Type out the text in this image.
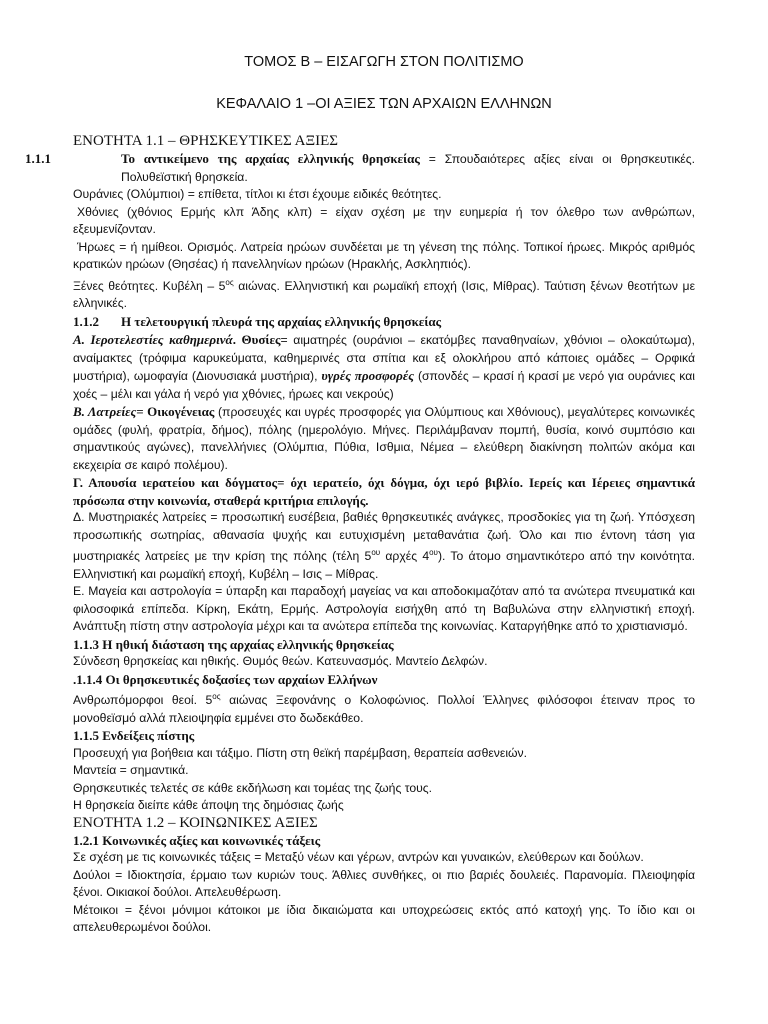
ΤΟΜΟΣ Β – ΕΙΣΑΓΩΓΗ ΣΤΟΝ ΠΟΛΙΤΙΣΜΟ

ΚΕΦΑΛΑΙΟ 1 –ΟΙ ΑΞΙΕΣ ΤΩΝ ΑΡΧΑΙΩΝ ΕΛΛΗΝΩΝ

ΕΝΟΤΗΤΑ 1.1 – ΘΡΗΣΚΕΥΤΙΚΕΣ ΑΞΙΕΣ

1.1.1	Το αντικείμενο της αρχαίας ελληνικής θρησκείας = Σπουδαιότερες αξίες είναι οι θρησκευτικές. Πολυθεϊστική θρησκεία.

Ουράνιες (Ολύμπιοι) = επίθετα, τίτλοι κι έτσι έχουμε ειδικές θεότητες.

Χθόνιες (χθόνιος Ερμής κλπ Άδης κλπ) = είχαν σχέση με την ευημερία ή τον όλεθρο των ανθρώπων, εξευμενίζονταν.

Ήρωες = ή ημίθεοι. Ορισμός. Λατρεία ηρώων συνδέεται με τη γένεση της πόλης. Τοπικοί ήρωες. Μικρός αριθμός κρατικών ηρώων (Θησέας) ή πανελληνίων ηρώων (Ηρακλής, Ασκληπιός).

Ξένες θεότητες. Κυβέλη – $5^{o\varsigma}$ αιώνας. Ελληνιστική και ρωμαϊκή εποχή (Ισις, Μίθρας). Ταύτιση ξένων θεοτήτων με ελληνικές.

1.1.2 Η τελετουργική πλευρά της αρχαίας ελληνικής θρησκείας

Α. Ιεροτελεστίες καθημερινά. Θυσίες= αιματηρές (ουράνιοι – εκατόμβες παναθηναίων, χθόνιοι – ολοκαύτωμα), αναίμακτες (τρόφιμα καρυκεύματα, καθημερινές στα σπίτια και εξ ολοκλήρου από κάποιες ομάδες – Ορφικά μυστήρια), ωμοφαγία (Διονυσιακά μυστήρια), υγρές προσφορές (σπονδές – κρασί ή κρασί με νερό για ουράνιες και χοές – μέλι και γάλα ή νερό για χθόνιες, ήρωες και νεκρούς)

Β. Λατρείες= Οικογένειας (προσευχές και υγρές προσφορές για Ολύμπιους και Χθόνιους), μεγαλύτερες κοινωνικές ομάδες (φυλή, φρατρία, δήμος), πόλης (ημερολόγιο. Μήνες. Περιλάμβαναν πομπή, θυσία, κοινό συμπόσιο και σημαντικούς αγώνες), πανελλήνιες (Ολύμπια, Πύθια, Ισθμια, Νέμεα – ελεύθερη διακίνηση πολιτών ακόμα και εκεχειρία σε καιρό πολέμου).

Γ. Απουσία ιερατείου και δόγματος= όχι ιερατείο, όχι δόγμα, όχι ιερό βιβλίο. Ιερείς και Ιέρειες σημαντικά πρόσωπα στην κοινωνία, σταθερά κριτήρια επιλογής.

Δ. Μυστηριακές λατρείες = προσωπική ευσέβεια, βαθιές θρησκευτικές ανάγκες, προσδοκίες για τη ζωή. Υπόσχεση προσωπικής σωτηρίας, αθανασία ψυχής και ευτυχισμένη μεταθανάτια ζωή. Όλο και πιο έντονη τάση για μυστηριακές λατρείες με την κρίση της πόλης (τέλη $5^{o\upsilon}$ αρχές $4^{o\upsilon}$). Το άτομο σημαντικότερο από την κοινότητα. Ελληνιστική και ρωμαϊκή εποχή, Κυβέλη – Ισις – Μίθρας.

Ε. Μαγεία και αστρολογία = ύπαρξη και παραδοχή μαγείας να και αποδοκιμαζόταν από τα ανώτερα πνευματικά και φιλοσοφικά επίπεδα. Κίρκη, Εκάτη, Ερμής. Αστρολογία εισήχθη από τη Βαβυλώνα στην ελληνιστική εποχή. Ανάπτυξη πίστη στην αστρολογία μέχρι και τα ανώτερα επίπεδα της κοινωνίας. Καταργήθηκε από το χριστιανισμό.

1.1.3 Η ηθική διάσταση της αρχαίας ελληνικής θρησκείας

Σύνδεση θρησκείας και ηθικής. Θυμός θεών. Κατευνασμός. Μαντείο Δελφών.

.1.1.4 Οι θρησκευτικές δοξασίες των αρχαίων Ελλήνων

Ανθρωπόμορφοι θεοί. $5^{o\varsigma}$ αιώνας Ξεφονάνης ο Κολοφώνιος. Πολλοί Έλληνες φιλόσοφοι έτειναν προς το μονοθεϊσμό αλλά πλειοψηφία εμμένει στο δωδεκάθεο.

1.1.5 Ενδείξεις πίστης

Προσευχή για βοήθεια και τάξιμο. Πίστη στη θεϊκή παρέμβαση, θεραπεία ασθενειών.

Μαντεία = σημαντικά.

Θρησκευτικές τελετές σε κάθε εκδήλωση και τομέας της ζωής τους.

Η θρησκεία διείπε κάθε άποψη της δημόσιας ζωής

ΕΝΟΤΗΤΑ 1.2 – ΚΟΙΝΩΝΙΚΕΣ ΑΞΙΕΣ

1.2.1 Κοινωνικές αξίες και κοινωνικές τάξεις

Σε σχέση με τις κοινωνικές τάξεις = Μεταξύ νέων και γέρων, αντρών και γυναικών, ελεύθερων και δούλων.

Δούλοι = Ιδιοκτησία, έρμαιο των κυριών τους. Άθλιες συνθήκες, οι πιο βαριές δουλειές. Παρανομία. Πλειοψηφία ξένοι. Οικιακοί δούλοι. Απελευθέρωση.

Μέτοικοι = ξένοι μόνιμοι κάτοικοι με ίδια δικαιώματα και υποχρεώσεις εκτός από κατοχή γης. Το ίδιο και οι απελευθερωμένοι δούλοι.
